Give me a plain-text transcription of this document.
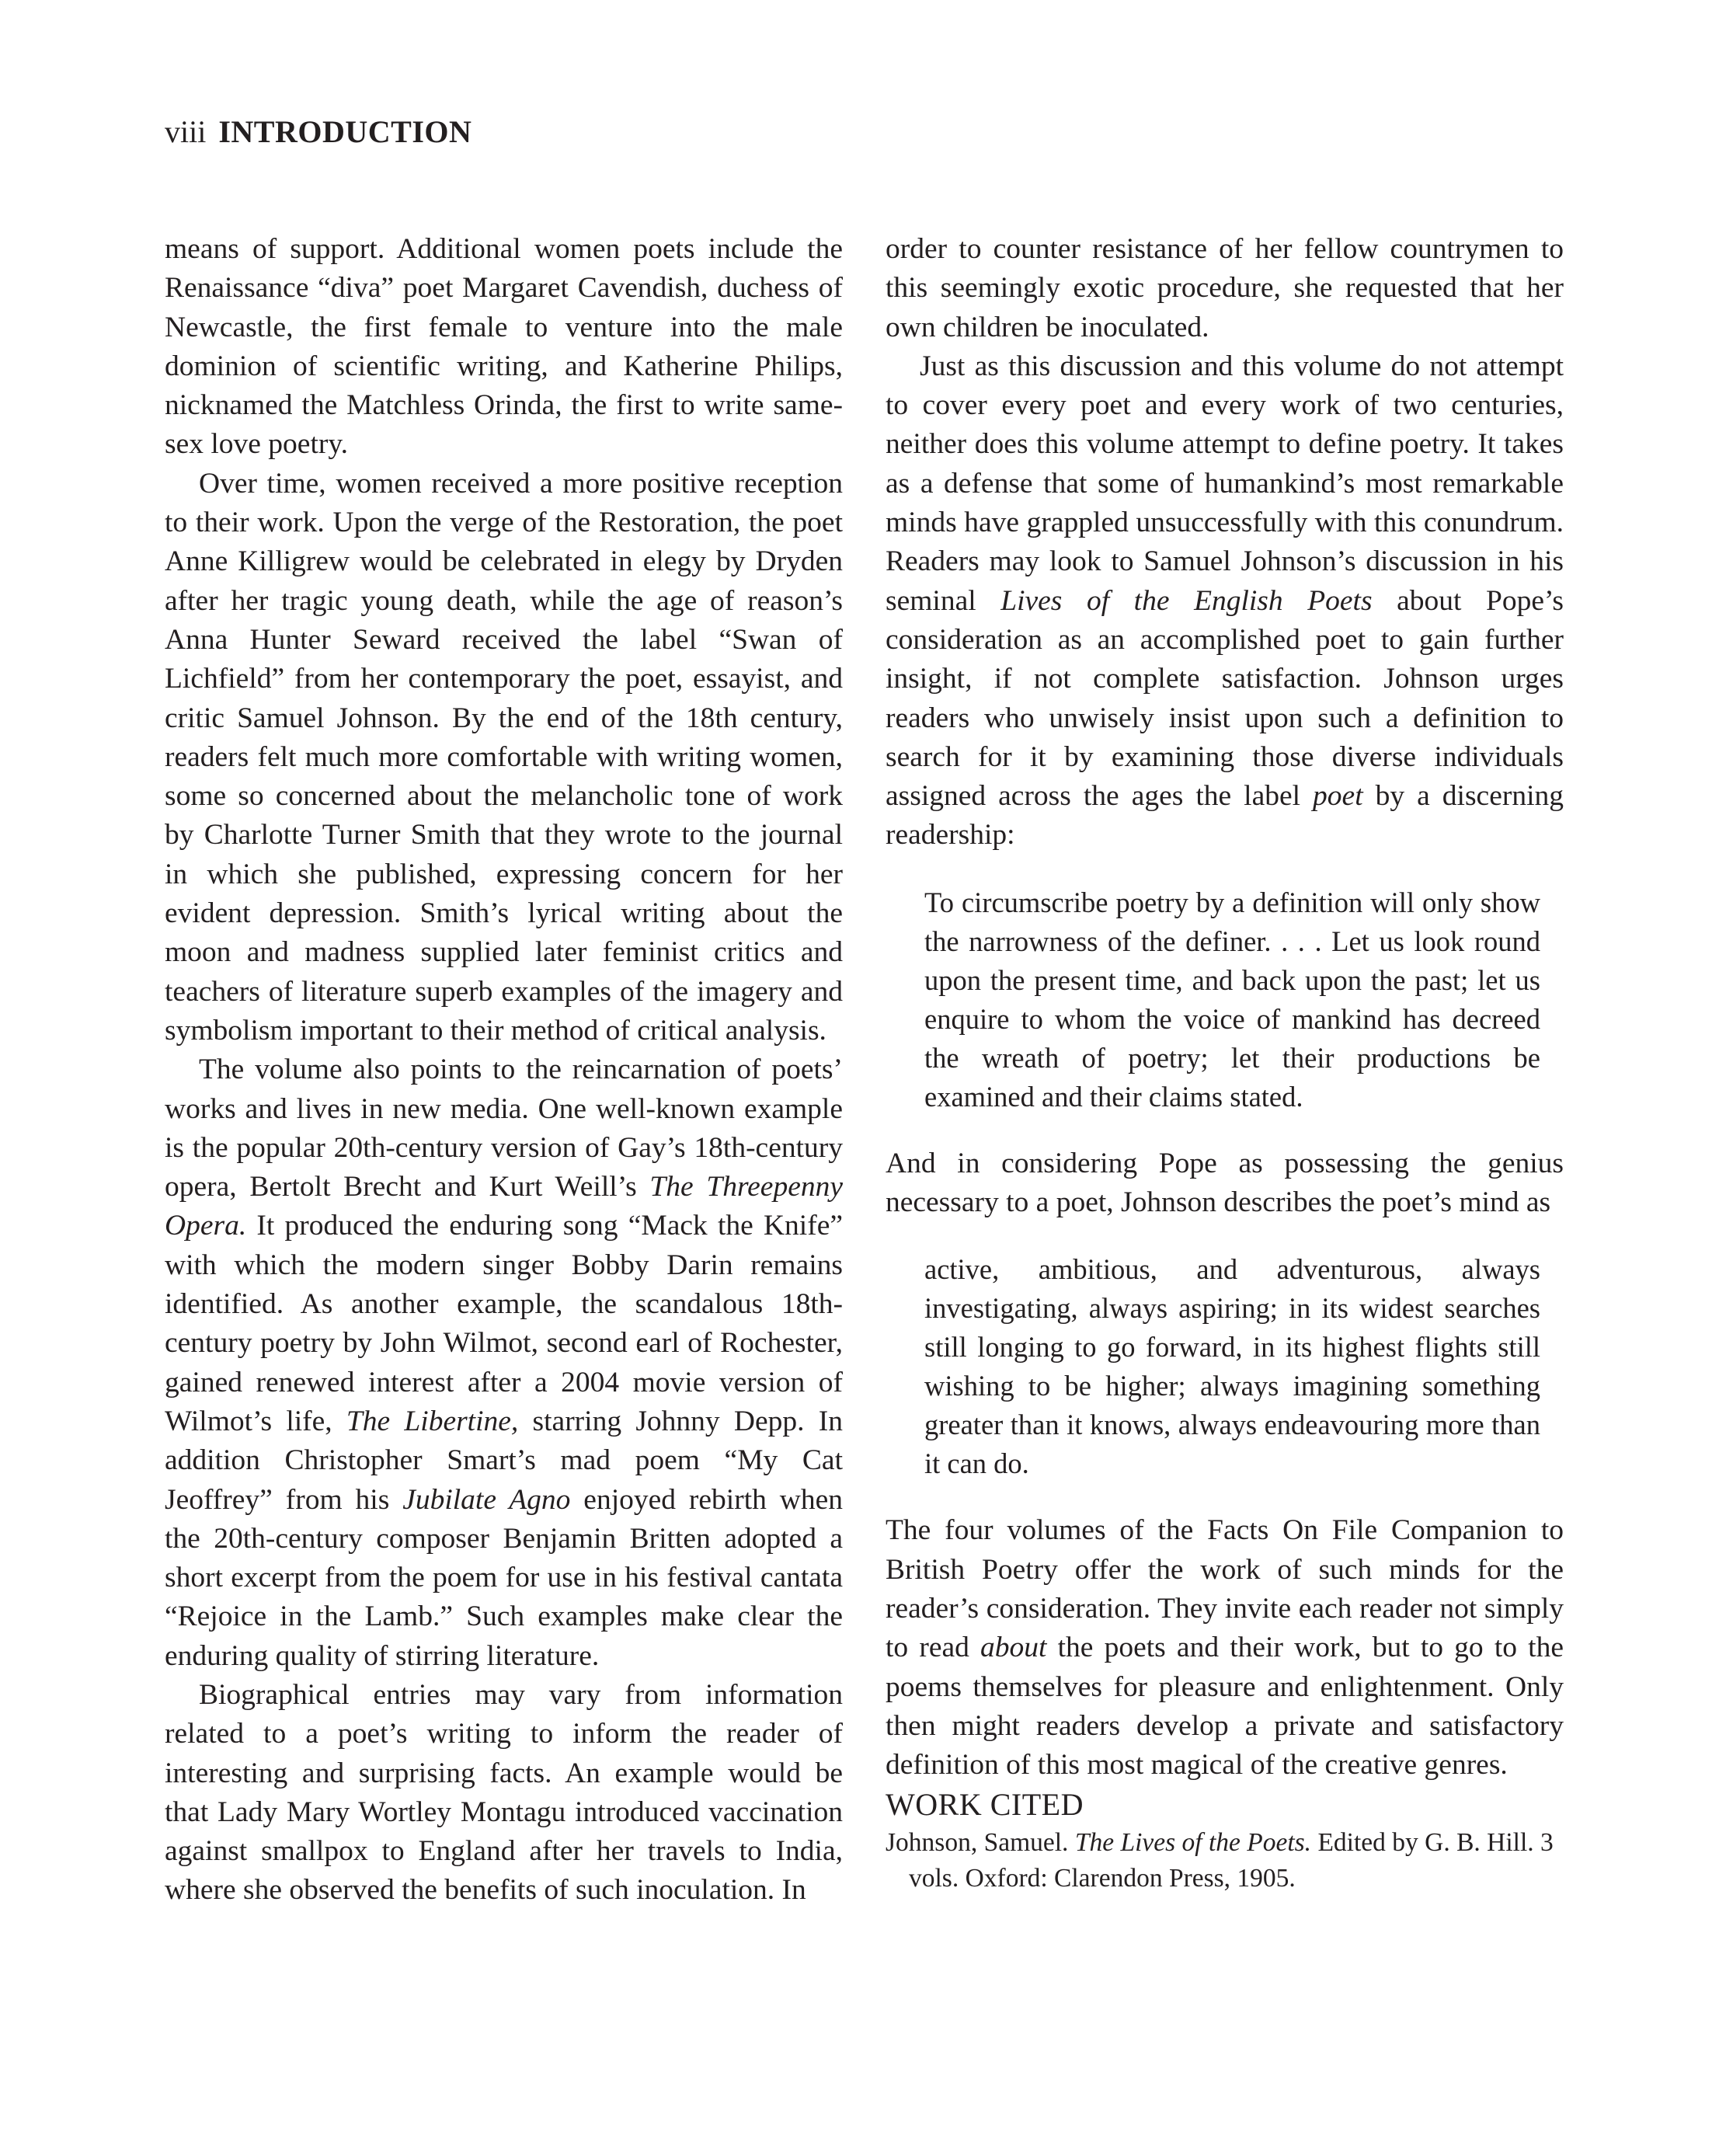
viii INTRODUCTION

means of support. Additional women poets include the Renaissance “diva” poet Margaret Cavendish, duchess of Newcastle, the first female to venture into the male dominion of scientific writing, and Katherine Philips, nicknamed the Matchless Orinda, the first to write same-sex love poetry.

Over time, women received a more positive reception to their work. Upon the verge of the Restoration, the poet Anne Killigrew would be celebrated in elegy by Dryden after her tragic young death, while the age of reason’s Anna Hunter Seward received the label “Swan of Lichfield” from her contemporary the poet, essayist, and critic Samuel Johnson. By the end of the 18th century, readers felt much more comfortable with writing women, some so concerned about the melancholic tone of work by Charlotte Turner Smith that they wrote to the journal in which she published, expressing concern for her evident depression. Smith’s lyrical writing about the moon and madness supplied later feminist critics and teachers of literature superb examples of the imagery and symbolism important to their method of critical analysis.

The volume also points to the reincarnation of poets’ works and lives in new media. One well-known example is the popular 20th-century version of Gay’s 18th-century opera, Bertolt Brecht and Kurt Weill’s The Threepenny Opera. It produced the enduring song “Mack the Knife” with which the modern singer Bobby Darin remains identified. As another example, the scandalous 18th-century poetry by John Wilmot, second earl of Rochester, gained renewed interest after a 2004 movie version of Wilmot’s life, The Libertine, starring Johnny Depp. In addition Christopher Smart’s mad poem “My Cat Jeoffrey” from his Jubilate Agno enjoyed rebirth when the 20th-century composer Benjamin Britten adopted a short excerpt from the poem for use in his festival cantata “Rejoice in the Lamb.” Such examples make clear the enduring quality of stirring literature.

Biographical entries may vary from information related to a poet’s writing to inform the reader of interesting and surprising facts. An example would be that Lady Mary Wortley Montagu introduced vaccination against smallpox to England after her travels to India, where she observed the benefits of such inoculation. In

order to counter resistance of her fellow countrymen to this seemingly exotic procedure, she requested that her own children be inoculated.

Just as this discussion and this volume do not attempt to cover every poet and every work of two centuries, neither does this volume attempt to define poetry. It takes as a defense that some of humankind’s most remarkable minds have grappled unsuccessfully with this conundrum. Readers may look to Samuel Johnson’s discussion in his seminal Lives of the English Poets about Pope’s consideration as an accomplished poet to gain further insight, if not complete satisfaction. Johnson urges readers who unwisely insist upon such a definition to search for it by examining those diverse individuals assigned across the ages the label poet by a discerning readership:

To circumscribe poetry by a definition will only show the narrowness of the definer. . . . Let us look round upon the present time, and back upon the past; let us enquire to whom the voice of mankind has decreed the wreath of poetry; let their productions be examined and their claims stated.

And in considering Pope as possessing the genius necessary to a poet, Johnson describes the poet’s mind as

active, ambitious, and adventurous, always investigating, always aspiring; in its widest searches still longing to go forward, in its highest flights still wishing to be higher; always imagining something greater than it knows, always endeavouring more than it can do.

The four volumes of the Facts On File Companion to British Poetry offer the work of such minds for the reader’s consideration. They invite each reader not simply to read about the poets and their work, but to go to the poems themselves for pleasure and enlightenment. Only then might readers develop a private and satisfactory definition of this most magical of the creative genres.

WORK CITED

Johnson, Samuel. The Lives of the Poets. Edited by G. B. Hill. 3 vols. Oxford: Clarendon Press, 1905.
